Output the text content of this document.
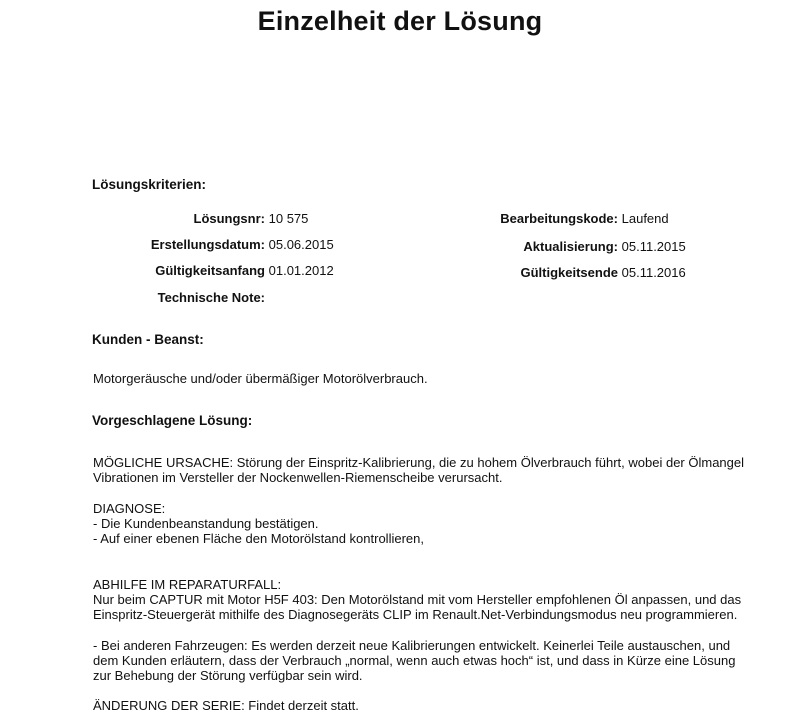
Einzelheit der Lösung
Lösungskriterien:
Lösungsnr: 10 575
Erstellungsdatum: 05.06.2015
Gültigkeitsanfang 01.01.2012
Technische Note:
Bearbeitungskode: Laufend
Aktualisierung: 05.11.2015
Gültigkeitsende 05.11.2016
Kunden - Beanst:

Motorgeräusche und/oder übermäßiger Motorölverbrauch.

Vorgeschlagene Lösung:

MÖGLICHE URSACHE: Störung der Einspritz-Kalibrierung, die zu hohem Ölverbrauch führt, wobei der Ölmangel

Vibrationen im Versteller der Nockenwellen-Riemenscheibe verursacht.

DIAGNOSE:

- Die Kundenbeanstandung bestätigen.

- Auf einer ebenen Fläche den Motorölstand kontrollieren,

ABHILFE IM REPARATURFALL:

Nur beim CAPTUR mit Motor H5F 403: Den Motorölstand mit vom Hersteller empfohlenen Öl anpassen, und das

Einspritz-Steuergerät mithilfe des Diagnosegeräts CLIP im Renault.Net-Verbindungsmodus neu programmieren.

- Bei anderen Fahrzeugen: Es werden derzeit neue Kalibrierungen entwickelt. Keinerlei Teile austauschen, und

dem Kunden erläutern, dass der Verbrauch „normal, wenn auch etwas hoch“ ist, und dass in Kürze eine Lösung

zur Behebung der Störung verfügbar sein wird.

ÄNDERUNG DER SERIE: Findet derzeit statt.
